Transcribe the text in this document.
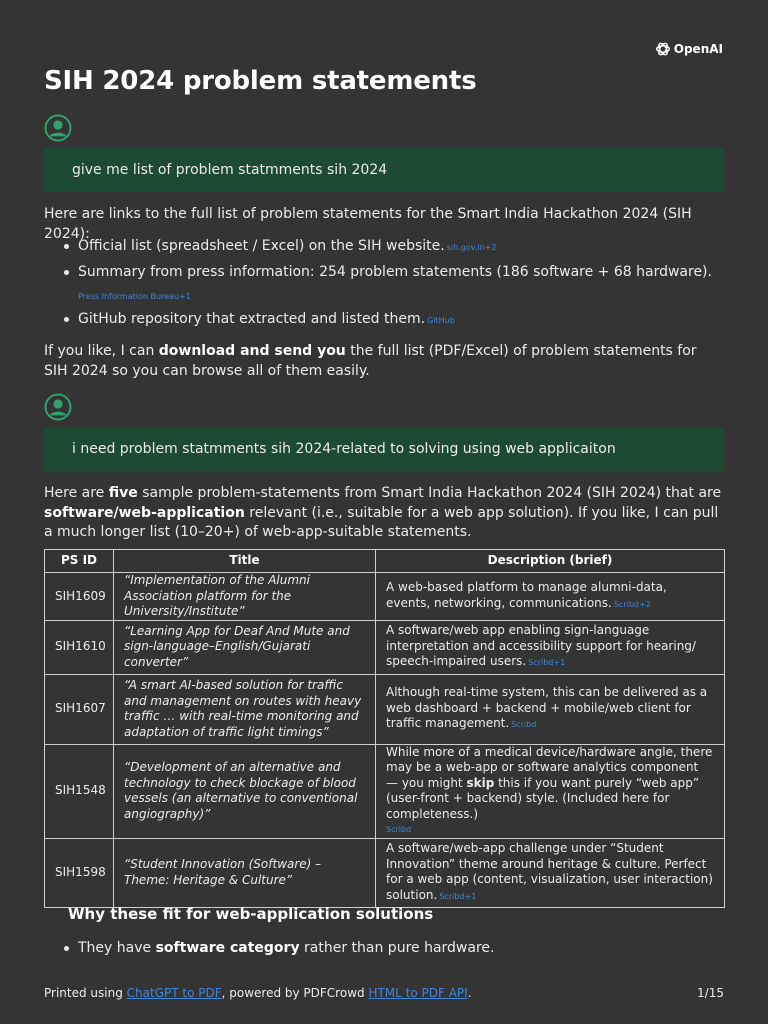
OpenAI
SIH 2024 problem statements
give me list of problem statmments sih 2024

Here are links to the full list of problem statements for the Smart India Hackathon 2024 (SIH 2024):

Official list (spreadsheet / Excel) on the SIH website. sih.gov.in+2
Summary from press information: 254 problem statements (186 software + 68 hardware).
Press Information Bureau+1
GitHub repository that extracted and listed them. GitHub

If you like, I can download and send you the full list (PDF/Excel) of problem statements for SIH 2024 so you can browse all of them easily.

i need problem statmments sih 2024-related to solving using web applicaiton

Here are five sample problem-statements from Smart India Hackathon 2024 (SIH 2024) that are software/web-application relevant (i.e., suitable for a web app solution). If you like, I can pull a much longer list (10–20+) of web-app-suitable statements.

PS ID	Title	Description (brief)
SIH1609	“Implementation of the Alumni Association platform for the University/Institute”	A web-based platform to manage alumni-data, events, networking, communications. Scribd+2
SIH1610	“Learning App for Deaf And Mute and sign-language–English/Gujarati converter”	A software/web app enabling sign-language interpretation and accessibility support for hearing/ speech-impaired users. Scribd+1
SIH1607	“A smart AI-based solution for traffic and management on routes with heavy traffic … with real-time monitoring and adaptation of traffic light timings”	Although real-time system, this can be delivered as a web dashboard + backend + mobile/web client for traffic management. Scribd
SIH1548	“Development of an alternative and technology to check blockage of blood vessels (an alternative to conventional angiography)”	While more of a medical device/hardware angle, there may be a web-app or software analytics component — you might skip this if you want purely “web app” (user-front + backend) style. (Included here for completeness.)
Scribd

SIH1598	“Student Innovation (Software) – Theme: Heritage & Culture”	A software/web-app challenge under “Student Innovation” theme around heritage & culture. Perfect for a web app (content, visualization, user interaction) solution. Scribd+1
Why these fit for web-application solutions
They have software category rather than pure hardware.
Printed using ChatGPT to PDF, powered by PDFCrowd HTML to PDF API.	1/15
